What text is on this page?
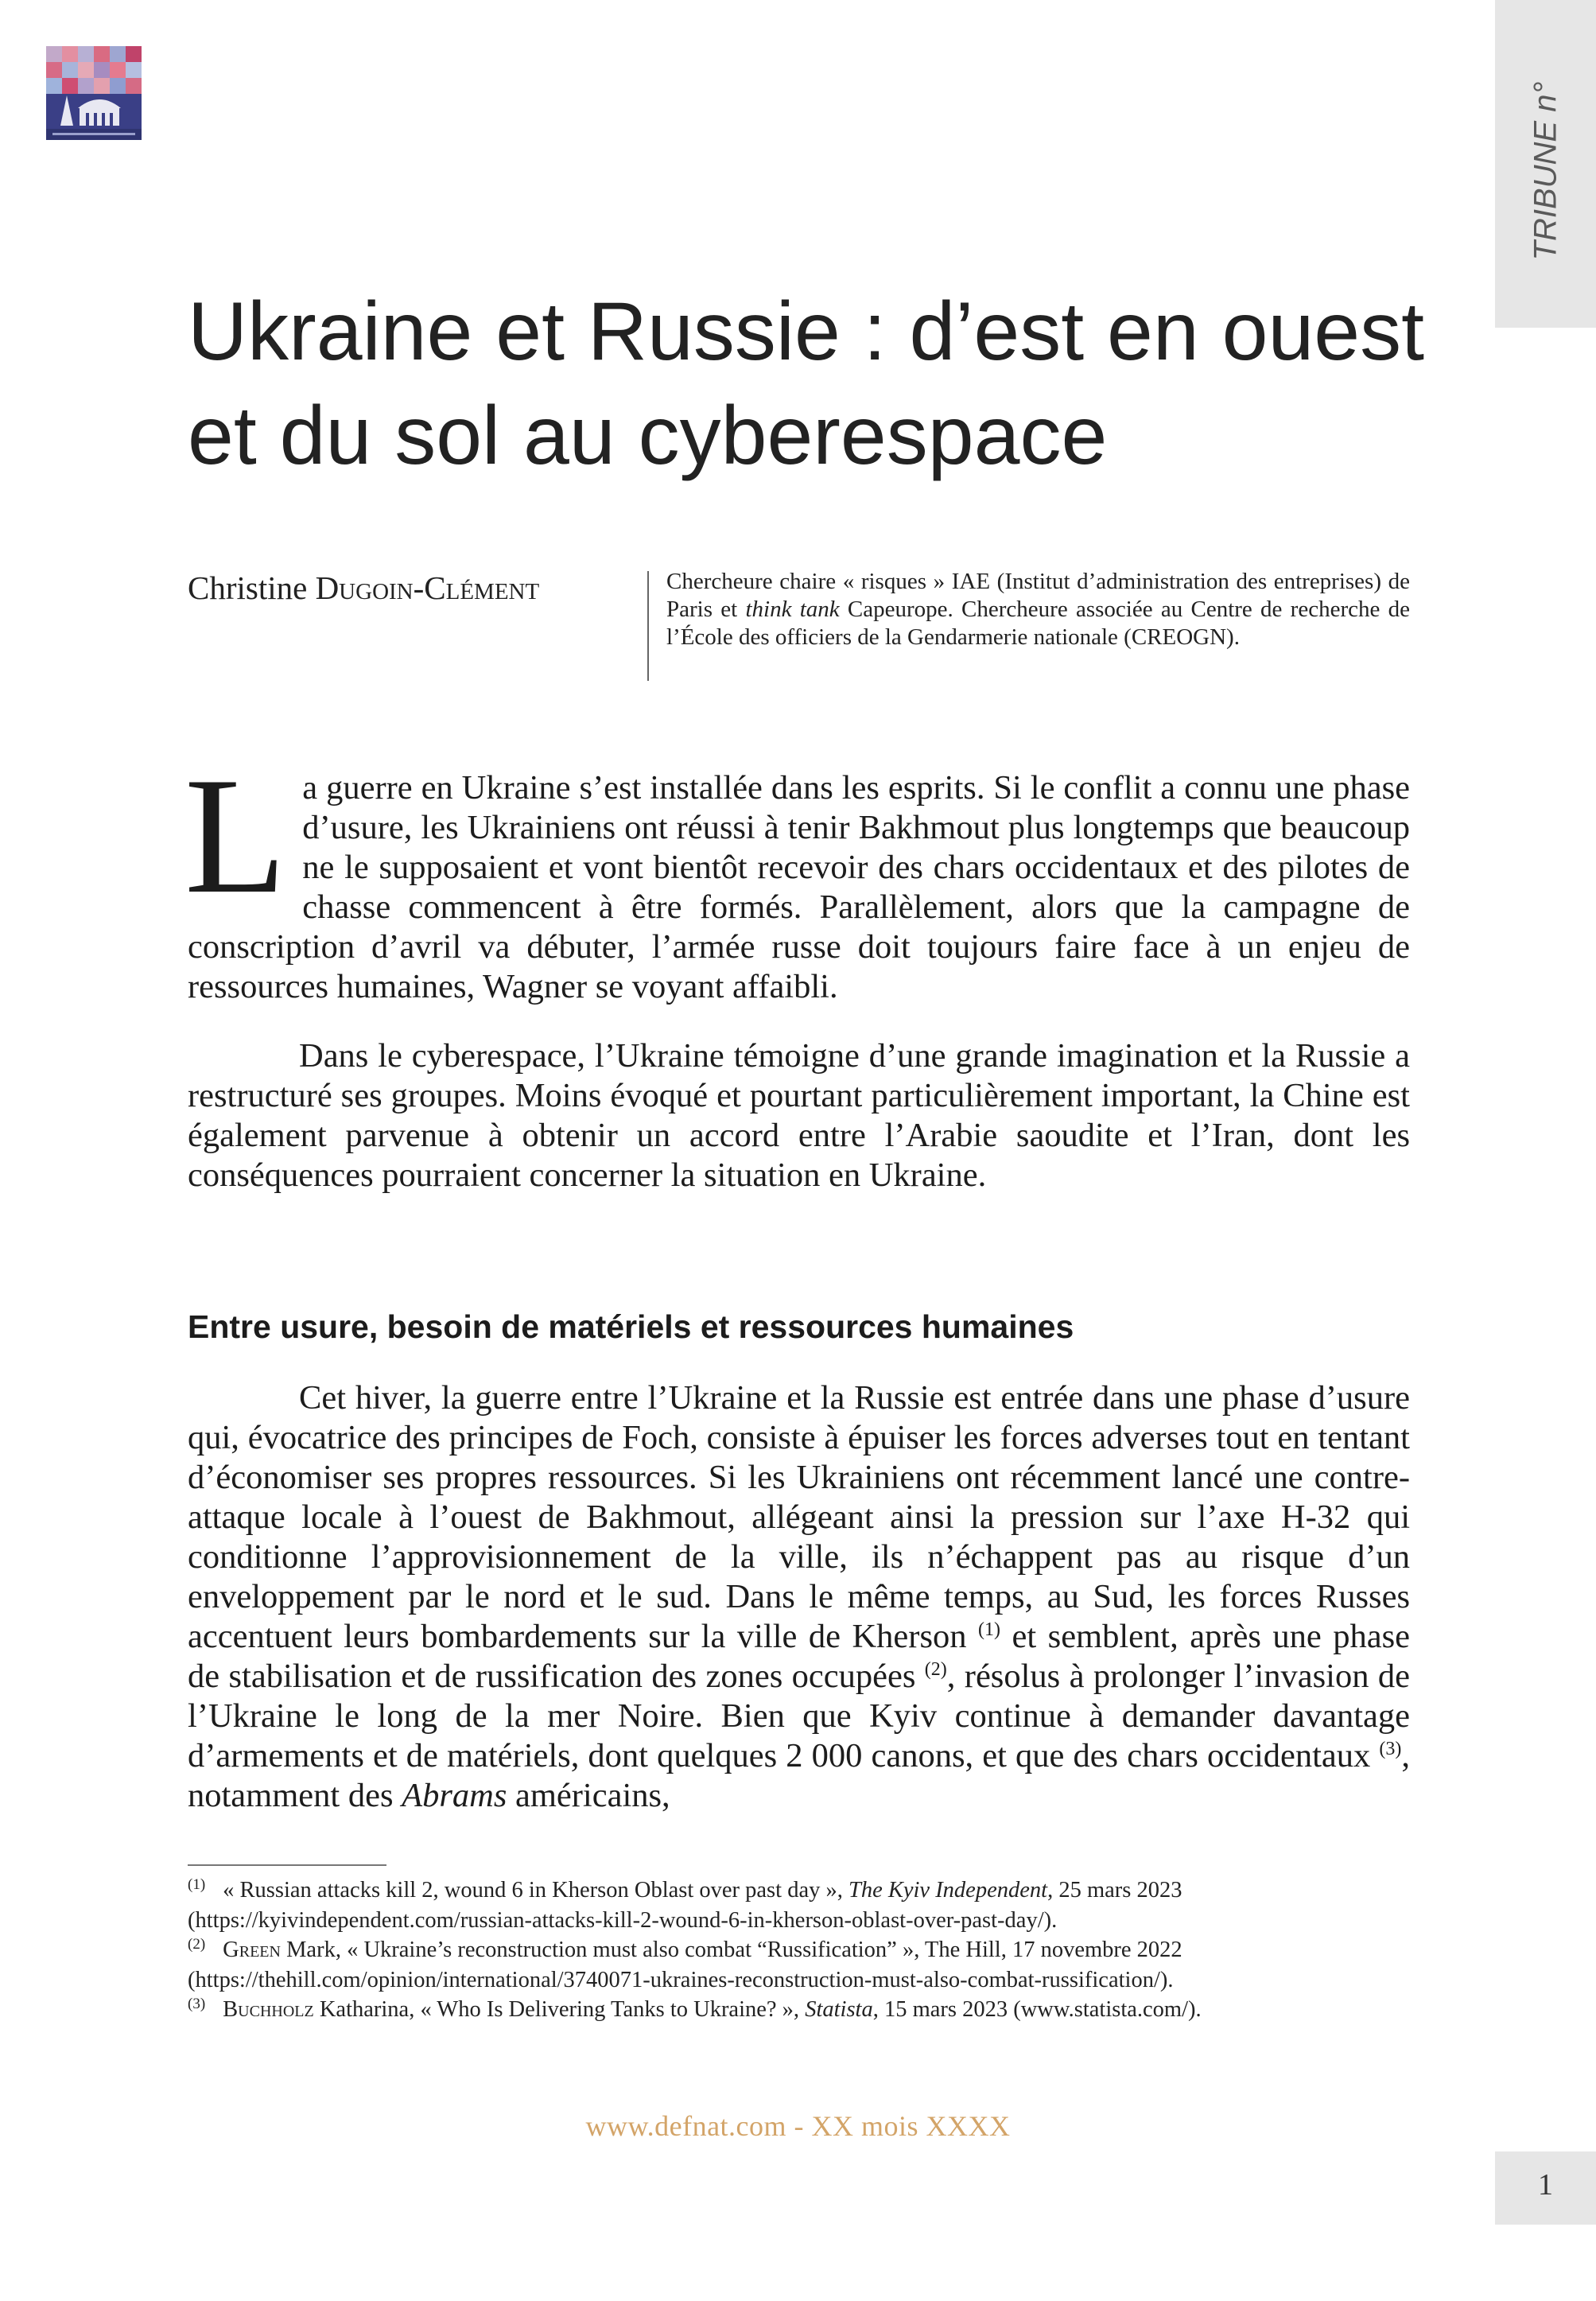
TRIBUNE n°
Ukraine et Russie : d’est en ouest et du sol au cyberespace
Christine Dugoin-Clément	Chercheure chaire « risques » IAE (Institut d’administration des entreprises) de Paris et think tank Capeurope. Chercheure associée au Centre de recherche de l’École des officiers de la Gendarmerie nationale (CREOGN).

La guerre en Ukraine s’est installée dans les esprits. Si le conflit a connu une phase d’usure, les Ukrainiens ont réussi à tenir Bakhmout plus longtemps que beaucoup ne le supposaient et vont bientôt recevoir des chars occidentaux et des pilotes de chasse commencent à être formés. Parallèlement, alors que la campagne de conscription d’avril va débuter, l’armée russe doit toujours faire face à un enjeu de ressources humaines, Wagner se voyant affaibli.

Dans le cyberespace, l’Ukraine témoigne d’une grande imagination et la Russie a restructuré ses groupes. Moins évoqué et pourtant particulièrement important, la Chine est également parvenue à obtenir un accord entre l’Arabie saoudite et l’Iran, dont les conséquences pourraient concerner la situation en Ukraine.

Entre usure, besoin de matériels et ressources humaines

Cet hiver, la guerre entre l’Ukraine et la Russie est entrée dans une phase d’usure qui, évocatrice des principes de Foch, consiste à épuiser les forces adverses tout en tentant d’économiser ses propres ressources. Si les Ukrainiens ont récemment lancé une contre-attaque locale à l’ouest de Bakhmout, allégeant ainsi la pression sur l’axe H-32 qui conditionne l’approvisionnement de la ville, ils n’échappent pas au risque d’un enveloppement par le nord et le sud. Dans le même temps, au Sud, les forces Russes accentuent leurs bombardements sur la ville de Kherson $^{(1)}$ et semblent, après une phase de stabilisation et de russification des zones occupées $^{(2)}$, résolus à prolonger l’invasion de l’Ukraine le long de la mer Noire. Bien que Kyiv continue à demander davantage d’armements et de matériels, dont quelques 2 000 canons, et que des chars occidentaux $^{(3)}$, notamment des Abrams américains,

$^{(1)}$ « Russian attacks kill 2, wound 6 in Kherson Oblast over past day », The Kyiv Independent, 25 mars 2023
(https://kyivindependent.com/russian-attacks-kill-2-wound-6-in-kherson-oblast-over-past-day/).

$^{(2)}$ Green Mark, « Ukraine’s reconstruction must also combat “Russification” », The Hill, 17 novembre 2022
(https://thehill.com/opinion/international/3740071-ukraines-reconstruction-must-also-combat-russification/).

$^{(3)}$ Buchholz Katharina, « Who Is Delivering Tanks to Ukraine? », Statista, 15 mars 2023 (www.statista.com/).

www.defnat.com - XX mois XXXX
1
